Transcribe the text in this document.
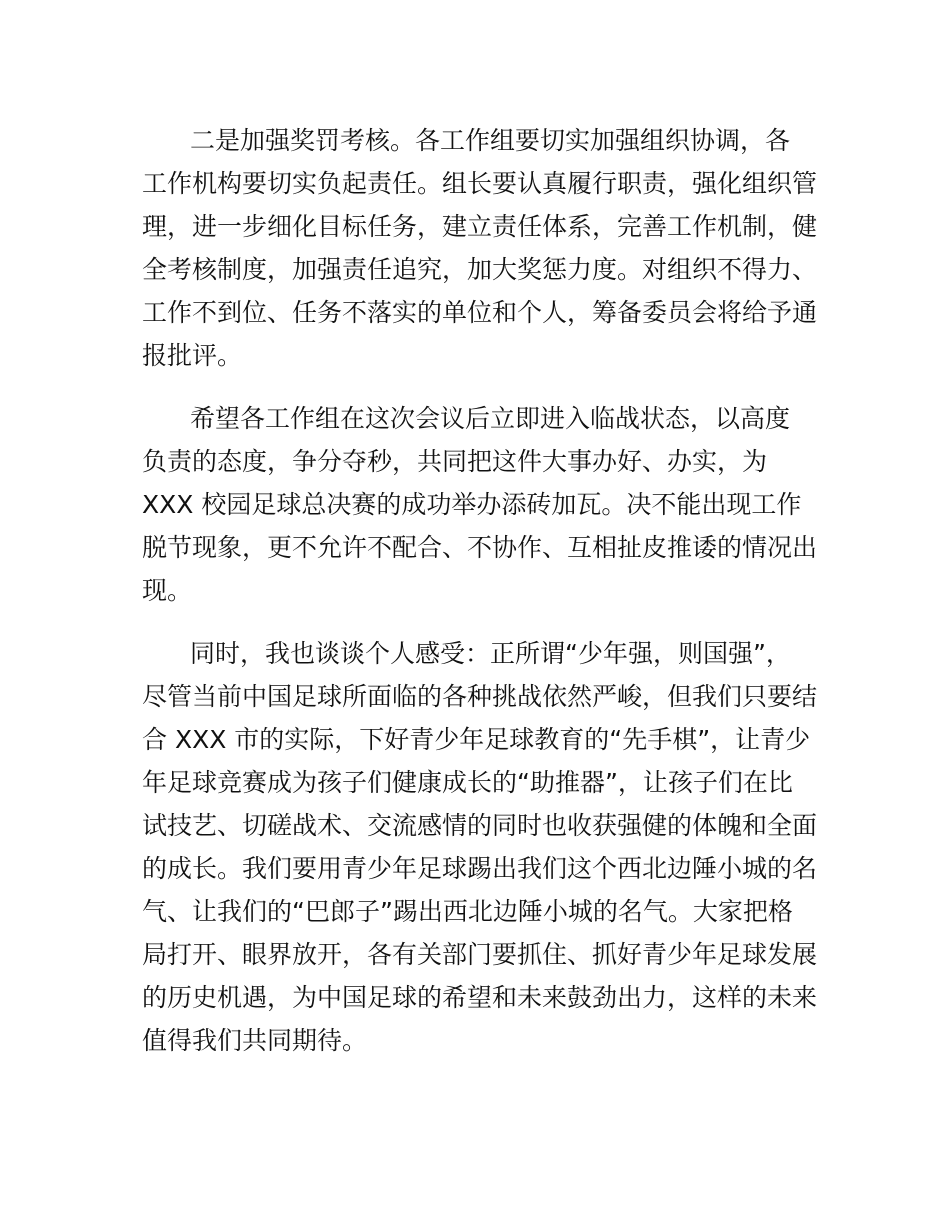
二是加强奖罚考核。各工作组要切实加强组织协调，各

工作机构要切实负起责任。组长要认真履行职责，强化组织管

理，进一步细化目标任务，建立责任体系，完善工作机制，健

全考核制度，加强责任追究，加大奖惩力度。对组织不得力、

工作不到位、任务不落实的单位和个人，筹备委员会将给予通

报批评。

希望各工作组在这次会议后立即进入临战状态，以高度

负责的态度，争分夺秒，共同把这件大事办好、办实，为

XXX 校园足球总决赛的成功举办添砖加瓦。决不能出现工作

脱节现象，更不允许不配合、不协作、互相扯皮推诿的情况出

现。

同时，我也谈谈个人感受：正所谓“少年强，则国强”，

尽管当前中国足球所面临的各种挑战依然严峻，但我们只要结

合 XXX 市的实际，下好青少年足球教育的“先手棋”，让青少

年足球竞赛成为孩子们健康成长的“助推器”，让孩子们在比

试技艺、切磋战术、交流感情的同时也收获强健的体魄和全面

的成长。我们要用青少年足球踢出我们这个西北边陲小城的名

气、让我们的“巴郎子”踢出西北边陲小城的名气。大家把格

局打开、眼界放开，各有关部门要抓住、抓好青少年足球发展

的历史机遇，为中国足球的希望和未来鼓劲出力，这样的未来

值得我们共同期待。
